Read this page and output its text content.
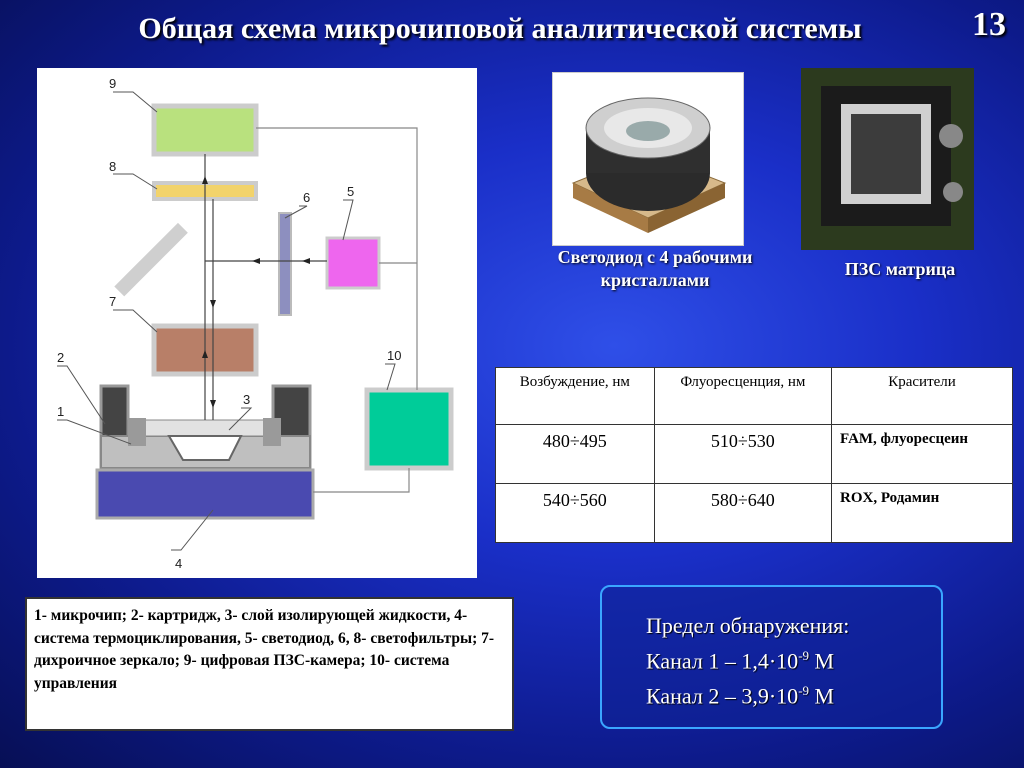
Общая схема микрочиповой аналитической системы	13
9
8
6	5
7
2
1
3
4
10
Светодиод с 4 рабочими кристаллами
ПЗС матрица
Возбуждение, нм	Флуоресценция, нм	Красители
480÷495	510÷530	FAM, флуоресцеин
540÷560	580÷640	ROX, Родамин
1- микрочип; 2- картридж, 3- слой изолирующей жидкости, 4- система термоциклирования, 5- светодиод, 6, 8- светофильтры; 7- дихроичное зеркало; 9- цифровая ПЗС-камера; 10- система управления
Предел обнаружения:
Канал $1 - 1,4\cdot 10^{-9}$ М
Канал $2 - 3,9\cdot 10^{-9}$ М
